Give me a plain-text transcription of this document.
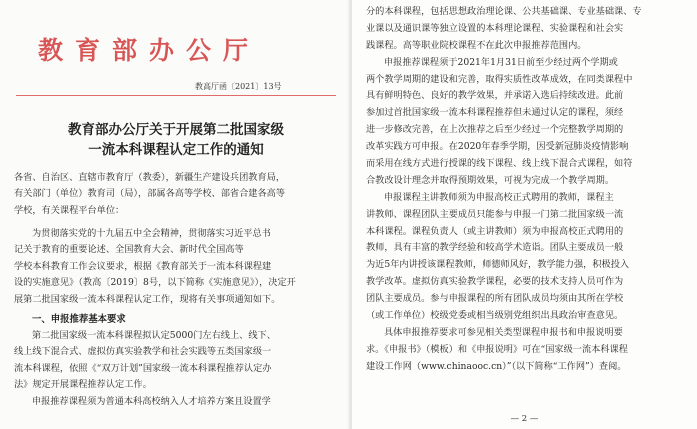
教育部办公厅
教高厅函〔2021〕13号
教育部办公厅关于开展第二批国家级
一流本科课程认定工作的通知
各省、自治区、直辖市教育厅（教委），新疆生产建设兵团教育局，
有关部门（单位）教育司（局），部属各高等学校、部省合建各高等
学校，有关课程平台单位：
为贯彻落实党的十九届五中全会精神，贯彻落实习近平总书
记关于教育的重要论述、全国教育大会、新时代全国高等
学校本科教育工作会议要求，根据《教育部关于一流本科课程建
设的实施意见》（教高〔2019〕8号，以下简称《实施意见》），决定开
展第二批国家级一流本科课程认定工作，现将有关事项通知如下。
一、申报推荐基本要求
第二批国家级一流本科课程拟认定5000门左右线上、线下、
线上线下混合式、虚拟仿真实验教学和社会实践等五类国家级一
流本科课程，依照《“双万计划”国家级一流本科课程推荐认定办
法》规定开展课程推荐认定工作。
申报推荐课程须为普通本科高校纳入人才培养方案且设置学
分的本科课程，包括思想政治理论课、公共基础课、专业基础课、专
业课以及通识课等独立设置的本科理论课程、实验课程和社会实
践课程。高等职业院校课程不在此次申报推荐范围内。
申报推荐课程须于2021年1月31日前至少经过两个学期或
两个教学周期的建设和完善，取得实质性改革成效，在同类课程中
具有鲜明特色、良好的教学效果，并承诺入选后持续改进。此前
参加过首批国家级一流本科课程推荐但未通过认定的课程，须经
进一步修改完善，在上次推荐之后至少经过一个完整教学周期的
改革实践方可申报。在2020年春季学期，因受新冠肺炎疫情影响
而采用在线方式进行授课的线下课程、线上线下混合式课程，如符
合教改设计理念并取得预期效果，可视为完成一个教学周期。
申报课程主讲教师须为申报高校正式聘用的教师，课程主
讲教师、课程团队主要成员只能参与申报一门第二批国家级一流
本科课程。课程负责人（或主讲教师）须为申报高校正式聘用的
教师，具有丰富的教学经验和较高学术造诣。团队主要成员一般
为近5年内讲授该课程教师，师德师风好，教学能力强，积极投入
教学改革。虚拟仿真实验教学课程，必要的技术支持人员可作为
团队主要成员。参与申报课程的所有团队成员均须由其所在学校
（或工作单位）校级党委或相当级别党组织出具政治审查意见。
具体申报推荐要求可参见相关类型课程申报书和申报说明要
求。《申报书》（模板）和《申报说明》可在“国家级一流本科课程
建设工作网（www.chinaooc.cn）”（以下简称“工作网”）查阅。
— 2 —
